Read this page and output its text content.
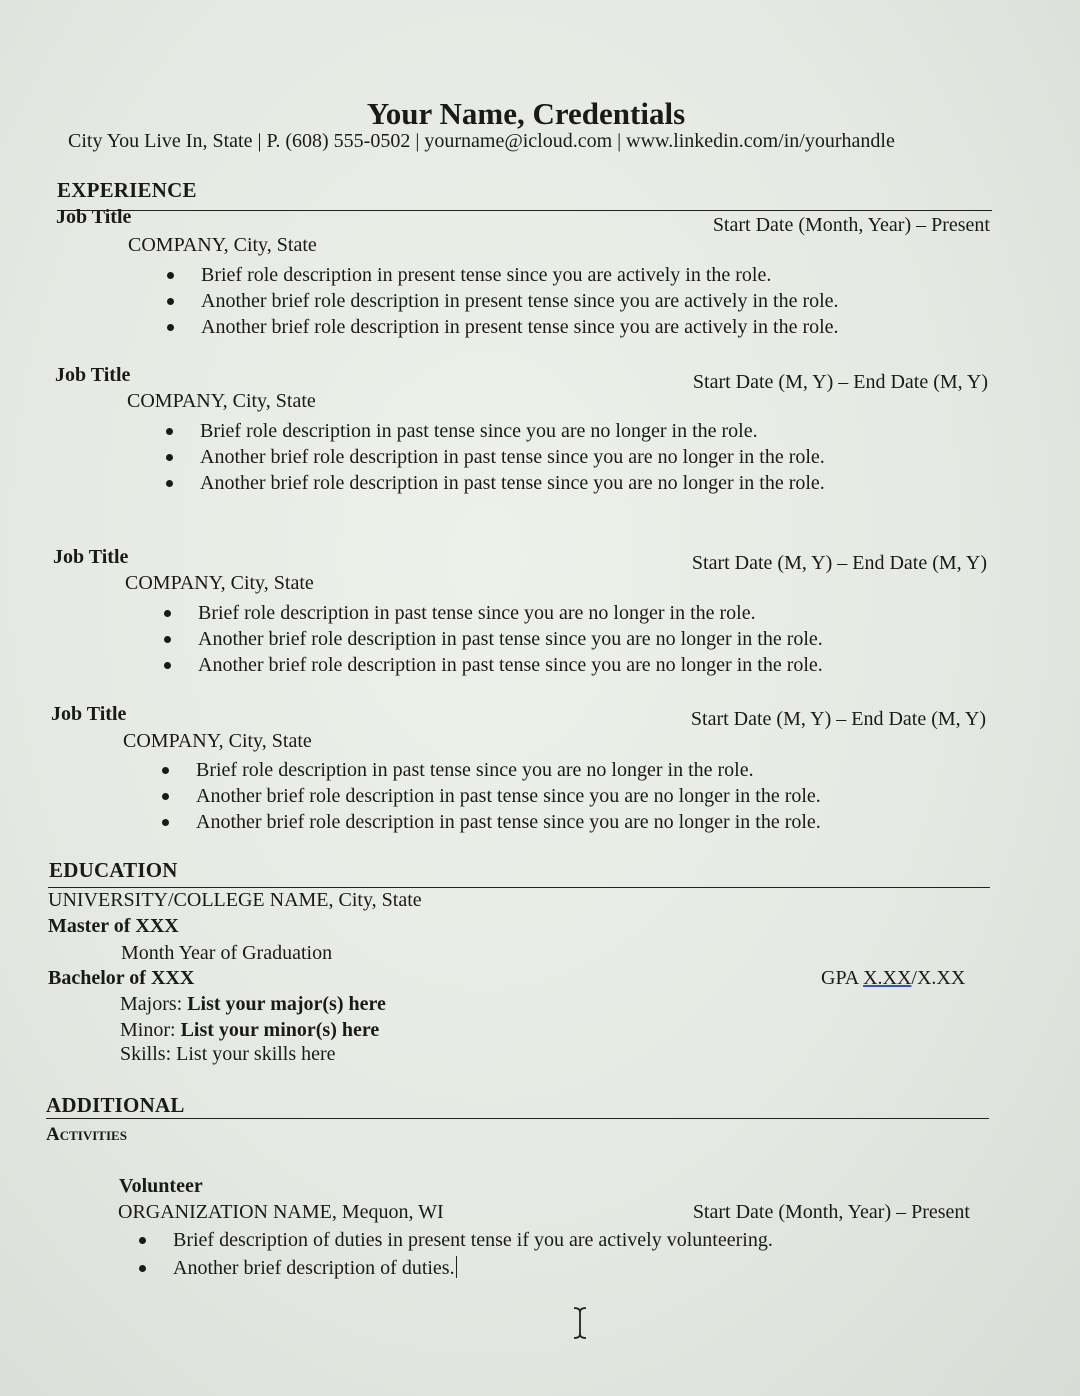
Your Name, Credentials
City You Live In, State | P. (608) 555-0502 | yourname@icloud.com | www.linkedin.com/in/yourhandle
EXPERIENCE
Job Title	Start Date (Month, Year) – Present
COMPANY, City, State
Brief role description in present tense since you are actively in the role.
Another brief role description in present tense since you are actively in the role.
Another brief role description in present tense since you are actively in the role.
Job Title	Start Date (M, Y) – End Date (M, Y)
COMPANY, City, State
Brief role description in past tense since you are no longer in the role.
Another brief role description in past tense since you are no longer in the role.
Another brief role description in past tense since you are no longer in the role.
Job Title	Start Date (M, Y) – End Date (M, Y)
COMPANY, City, State
Brief role description in past tense since you are no longer in the role.
Another brief role description in past tense since you are no longer in the role.
Another brief role description in past tense since you are no longer in the role.
Job Title	Start Date (M, Y) – End Date (M, Y)
COMPANY, City, State
Brief role description in past tense since you are no longer in the role.
Another brief role description in past tense since you are no longer in the role.
Another brief role description in past tense since you are no longer in the role.
EDUCATION
UNIVERSITY/COLLEGE NAME, City, State
Master of XXX
Month Year of Graduation
Bachelor of XXX	GPA X.XX/X.XX
Majors: List your major(s) here
Minor: List your minor(s) here
Skills: List your skills here
ADDITIONAL
Activities
Volunteer
ORGANIZATION NAME, Mequon, WI	Start Date (Month, Year) – Present
Brief description of duties in present tense if you are actively volunteering.
Another brief description of duties.
